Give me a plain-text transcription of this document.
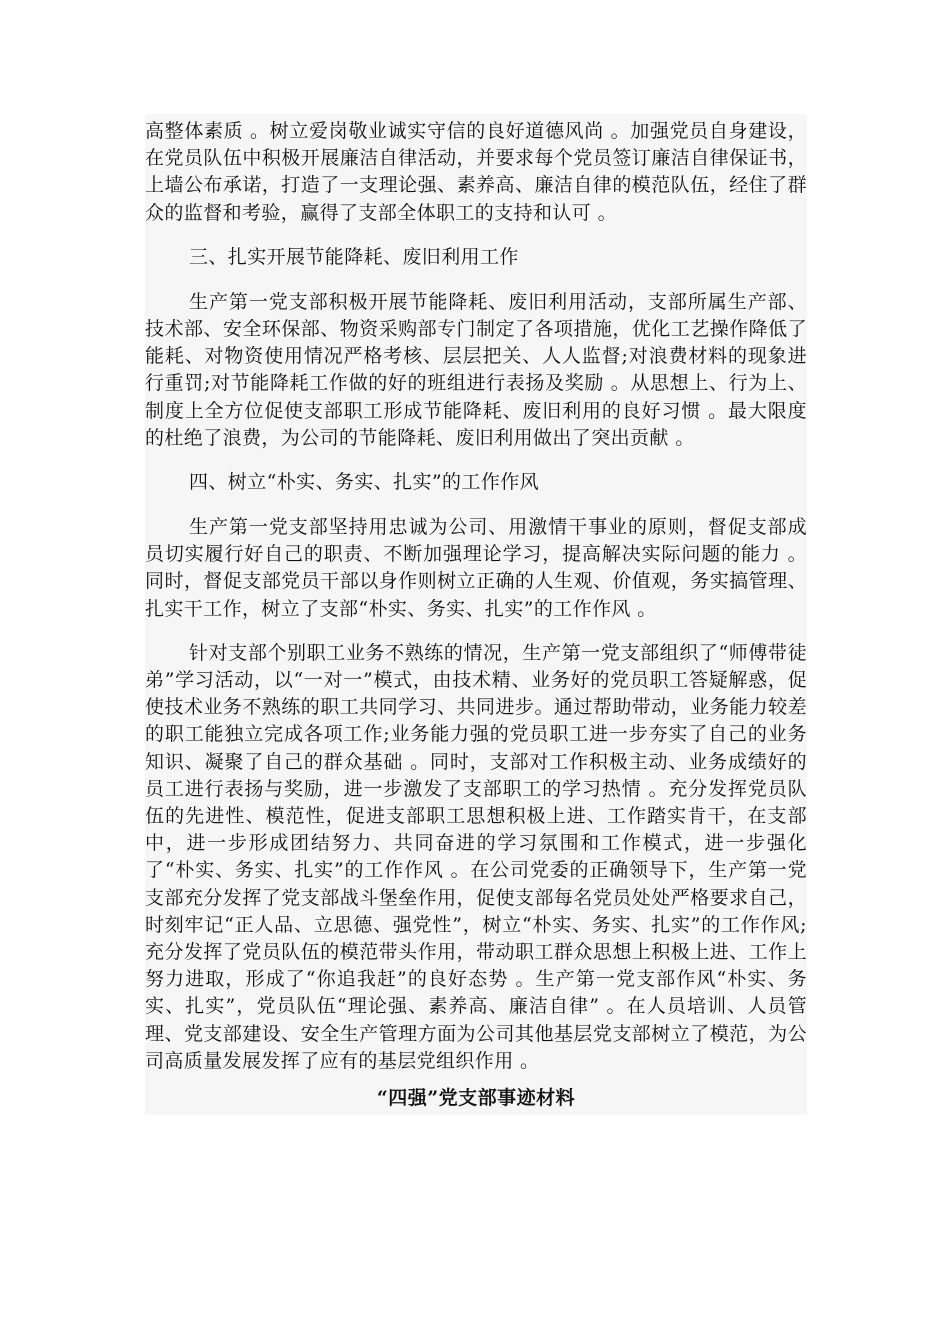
高整体素质 。树立爱岗敬业诚实守信的良好道德风尚 。加强党员自身建设，在党员队伍中积极开展廉洁自律活动，并要求每个党员签订廉洁自律保证书，上墙公布承诺，打造了一支理论强、素养高、廉洁自律的模范队伍，经住了群众的监督和考验，赢得了支部全体职工的支持和认可 。

三、扎实开展节能降耗、废旧利用工作

生产第一党支部积极开展节能降耗、废旧利用活动，支部所属生产部、技术部、安全环保部、物资采购部专门制定了各项措施，优化工艺操作降低了能耗、对物资使用情况严格考核、层层把关、人人监督;对浪费材料的现象进行重罚;对节能降耗工作做的好的班组进行表扬及奖励 。从思想上、行为上、制度上全方位促使支部职工形成节能降耗、废旧利用的良好习惯 。最大限度的杜绝了浪费，为公司的节能降耗、废旧利用做出了突出贡献 。

四、树立“朴实、务实、扎实”的工作作风

生产第一党支部坚持用忠诚为公司、用激情干事业的原则，督促支部成员切实履行好自己的职责、不断加强理论学习，提高解决实际问题的能力 。同时，督促支部党员干部以身作则树立正确的人生观、价值观，务实搞管理、扎实干工作，树立了支部“朴实、务实、扎实”的工作作风 。

针对支部个别职工业务不熟练的情况，生产第一党支部组织了“师傅带徒弟”学习活动，以“一对一”模式，由技术精、业务好的党员职工答疑解惑，促使技术业务不熟练的职工共同学习、共同进步。通过帮助带动，业务能力较差的职工能独立完成各项工作;业务能力强的党员职工进一步夯实了自己的业务知识、凝聚了自己的群众基础 。同时，支部对工作积极主动、业务成绩好的员工进行表扬与奖励，进一步激发了支部职工的学习热情 。充分发挥党员队伍的先进性、模范性，促进支部职工思想积极上进、工作踏实肯干，在支部中，进一步形成团结努力、共同奋进的学习氛围和工作模式，进一步强化了“朴实、务实、扎实”的工作作风 。在公司党委的正确领导下，生产第一党支部充分发挥了党支部战斗堡垒作用，促使支部每名党员处处严格要求自己，时刻牢记“正人品、立思德、强党性”，树立“朴实、务实、扎实”的工作作风;充分发挥了党员队伍的模范带头作用，带动职工群众思想上积极上进、工作上努力进取，形成了“你追我赶”的良好态势 。生产第一党支部作风“朴实、务实、扎实”，党员队伍“理论强、素养高、廉洁自律” 。在人员培训、人员管理、党支部建设、安全生产管理方面为公司其他基层党支部树立了模范，为公司高质量发展发挥了应有的基层党组织作用 。

“四强”党支部事迹材料
